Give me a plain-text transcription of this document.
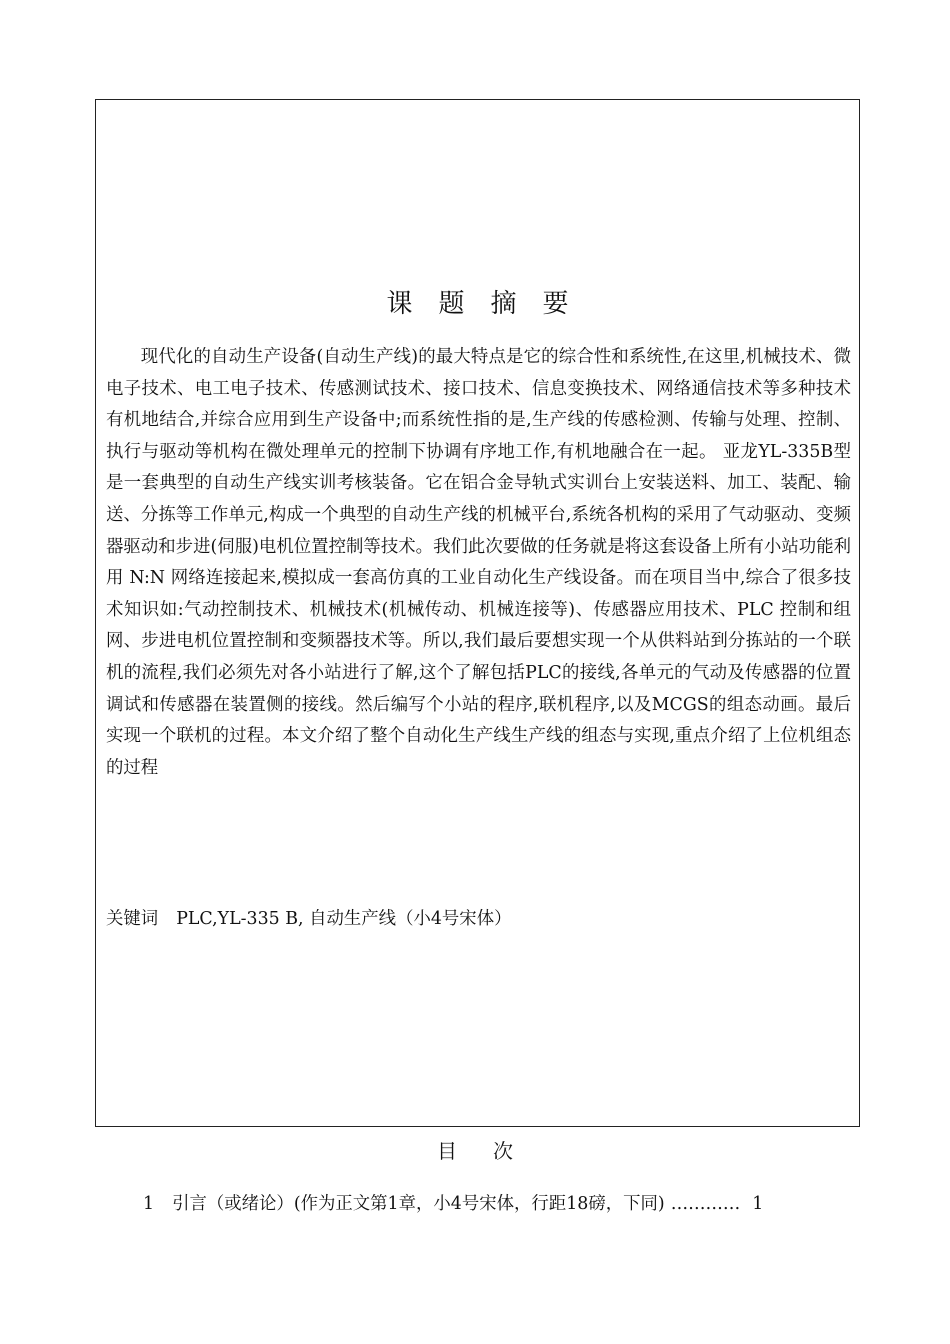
课题摘要

现代化的自动生产设备(自动生产线)的最大特点是它的综合性和系统性,在这里,机械技术、微电子技术、电工电子技术、传感测试技术、接口技术、信息变换技术、网络通信技术等多种技术有机地结合,并综合应用到生产设备中;而系统性指的是,生产线的传感检测、传输与处理、控制、执行与驱动等机构在微处理单元的控制下协调有序地工作,有机地融合在一起。 亚龙YL-335B型是一套典型的自动生产线实训考核装备。它在铝合金导轨式实训台上安装送料、加工、装配、输送、分拣等工作单元,构成一个典型的自动生产线的机械平台,系统各机构的采用了气动驱动、变频器驱动和步进(伺服)电机位置控制等技术。我们此次要做的任务就是将这套设备上所有小站功能利用 N:N 网络连接起来,模拟成一套高仿真的工业自动化生产线设备。而在项目当中,综合了很多技术知识如:气动控制技术、机械技术(机械传动、机械连接等)、传感器应用技术、PLC 控制和组网、步进电机位置控制和变频器技术等。所以,我们最后要想实现一个从供料站到分拣站的一个联机的流程,我们必须先对各小站进行了解,这个了解包括PLC的接线,各单元的气动及传感器的位置调试和传感器在装置侧的接线。然后编写个小站的程序,联机程序,以及MCGS的组态动画。最后实现一个联机的过程。本文介绍了整个自动化生产线生产线的组态与实现,重点介绍了上位机组态的过程

关键词 PLC,YL-335 B, 自动生产线（小4号宋体）

目次
1 引言（或绪论）(作为正文第1章，小4号宋体，行距18磅，下同) ………… 1
